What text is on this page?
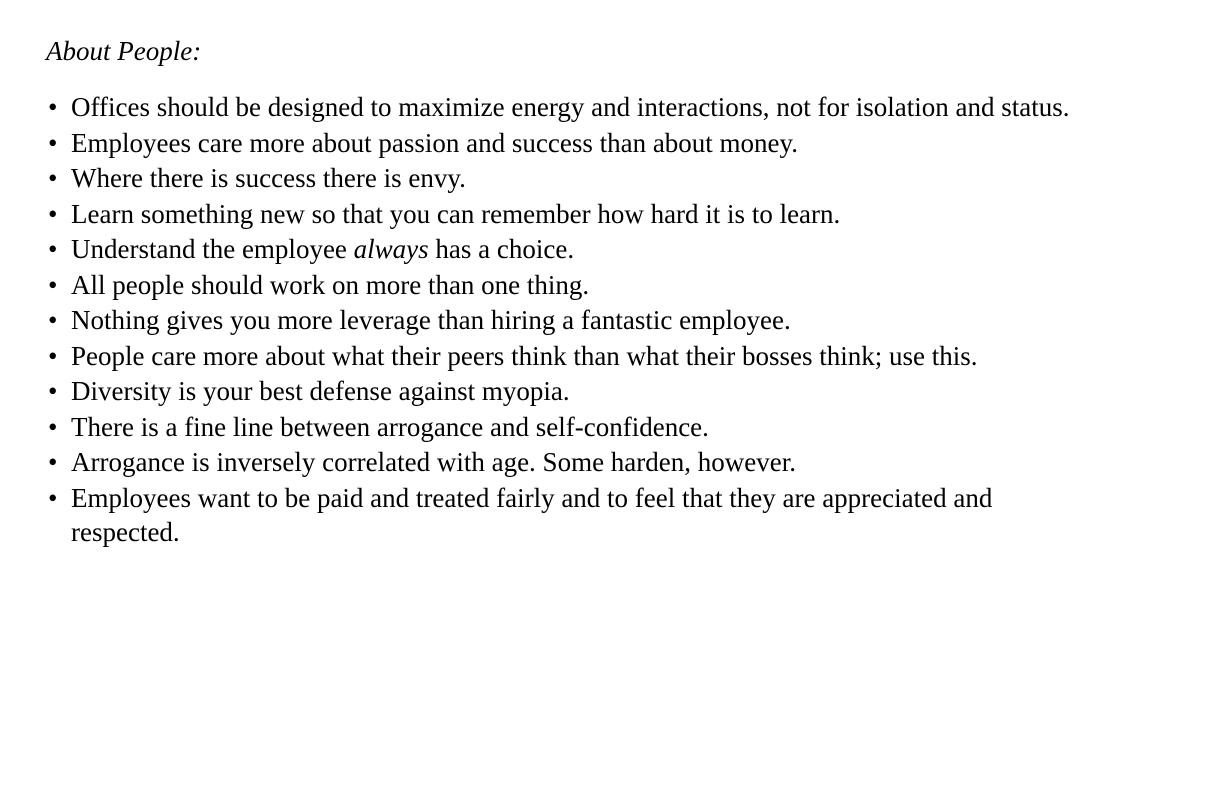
About People:
• Offices should be designed to maximize energy and interactions, not for isolation and status.
• Employees care more about passion and success than about money.
• Where there is success there is envy.
• Learn something new so that you can remember how hard it is to learn.
• Understand the employee always has a choice.
• All people should work on more than one thing.
• Nothing gives you more leverage than hiring a fantastic employee.
• People care more about what their peers think than what their bosses think; use this.
• Diversity is your best defense against myopia.
• There is a fine line between arrogance and self-confidence.
• Arrogance is inversely correlated with age. Some harden, however.
• Employees want to be paid and treated fairly and to feel that they are appreciated and respected.
